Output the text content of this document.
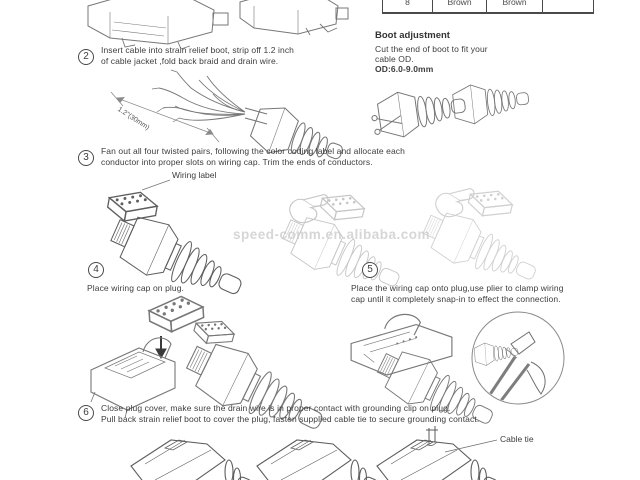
8	Brown	Brown	
Boot adjustment
Cut the end of boot to fit your
cable OD.
OD:6.0-9.0mm
2
Insert cable into strain relief boot, strip off 1.2 inch
of cable jacket ,fold back braid and drain wire.
1.2"(30mm)
3
Fan out all four twisted pairs, following the color coding label and allocate each
conductor into proper slots on wiring cap. Trim the ends of conductors.
Wiring label
speed-comm.en.alibaba.com
4
Place wiring cap on plug.
5
Place the wiring cap onto plug,use plier to clamp wiring
cap until it completely snap-in to effect the connection.
6	Close plug cover, make sure the drain wire is in proper contact with grounding clip on plug.
Pull back strain relief boot to cover the plug, fasten supplied cable tie to secure grounding contact.
Cable tie
